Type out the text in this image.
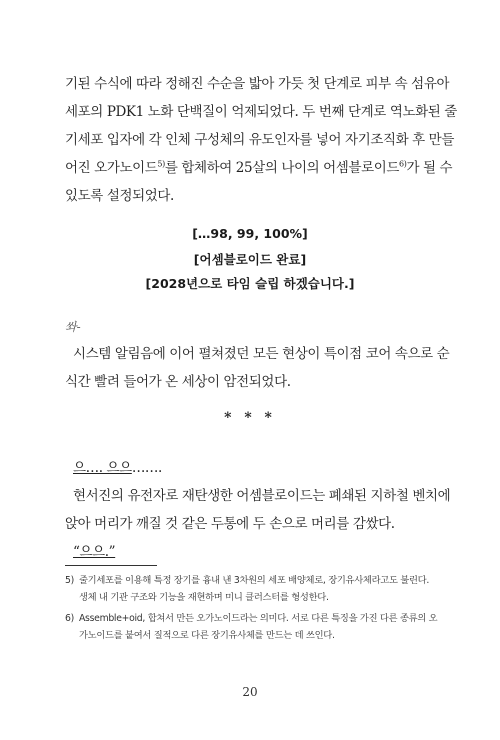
기된 수식에 따라 정해진 수순을 밟아 가듯 첫 단계로 피부 속 섬유아
세포의 PDK1 노화 단백질이 억제되었다. 두 번째 단계로 역노화된 줄
기세포 입자에 각 인체 구성체의 유도인자를 넣어 자기조직화 후 만들
어진 오가노이드$^{5)}$를 합체하여 25살의 나이의 어셈블로이드$^{6)}$가 될 수
있도록 설정되었다.

[…98, 99, 100%]
[어셈블로이드 완료]
[2028년으로 타임 슬립 하겠습니다.]
쏴-

시스템 알림음에 이어 펼쳐졌던 모든 현상이 특이점 코어 속으로 순
식간 빨려 들어가 온 세상이 암전되었다.

* * *

으…. 으으…….
현서진의 유전자로 재탄생한 어셈블로이드는 폐쇄된 지하철 벤치에
앉아 머리가 깨질 것 같은 두통에 두 손으로 머리를 감쌌다.
“으으.”

5) 줄기세포를 이용해 특정 장기를 흉내 낸 3차원의 세포 배양체로, 장기유사체라고도 불린다.
생체 내 기관 구조와 기능을 재현하며 미니 클러스터를 형성한다.
6) Assemble+oid, 합쳐서 만든 오가노이드라는 의미다. 서로 다른 특징을 가진 다른 종류의 오
가노이드를 붙여서 질적으로 다른 장기유사체를 만드는 데 쓰인다.
20
